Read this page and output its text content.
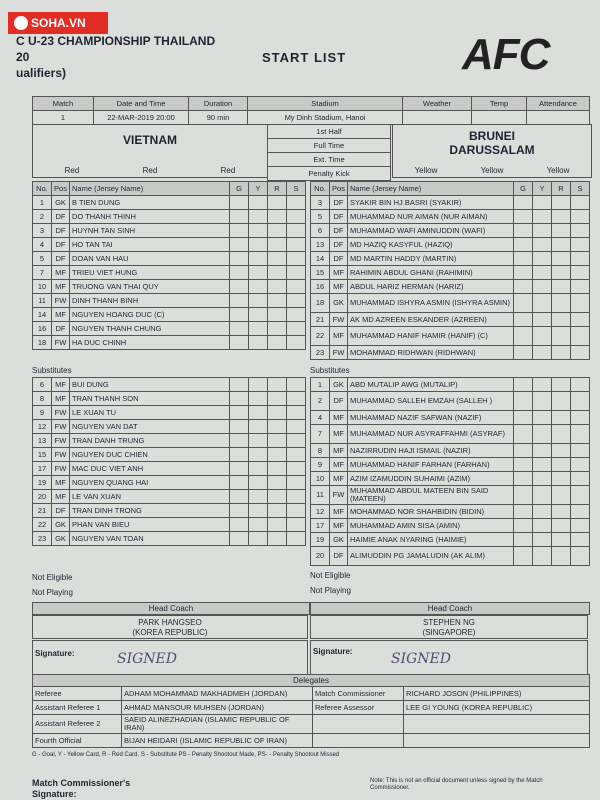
SOHA.VN
C U-23 CHAMPIONSHIP THAILAND
20
ualifiers)
START LIST	AFC
Match	Date and Time	Duration	Stadium	Weather	Temp	Attendance
1	22-MAR-2019 20:00	90 min	My Dinh Stadium, Hanoi			
VIETNAM
Red	Red	Red
1st Half
Full Time
Ext. Time
Penalty Kick
BRUNEI
DARUSSALAM
Yellow	Yellow	Yellow
No.	Pos	Name (Jersey Name)	G	Y	R	S
1	GK	B TIEN DUNG				
2	DF	DO THANH THINH				
3	DF	HUYNH TAN SINH				
4	DF	HO TAN TAI				
5	DF	DOAN VAN HAU				
7	MF	TRIEU VIET HUNG				
10	MF	TRUONG VAN THAI QUY				
11	FW	DINH THANH BINH				
14	MF	NGUYEN HOANG DUC (C)				
16	DF	NGUYEN THANH CHUNG				
18	FW	HA DUC CHINH				
No.	Pos	Name (Jersey Name)	G	Y	R	S
3	DF	SYAKIR BIN HJ BASRI (SYAKIR)				
5	DF	MUHAMMAD NUR AIMAN (NUR AIMAN)				
6	DF	MUHAMMAD WAFI AMINUDDIN (WAFI)				
13	DF	MD HAZIQ KASYFUL (HAZIQ)				
14	DF	MD MARTIN HADDY (MARTIN)				
15	MF	RAHIMIN ABDUL GHANI (RAHIMIN)				
16	MF	ABDUL HARIZ HERMAN (HARIZ)				
18	GK	MUHAMMAD ISHYRA ASMIN (ISHYRA ASMIN)				
21	FW	AK MD AZREEN ESKANDER (AZREEN)				
22	MF	MUHAMMAD HANIF HAMIR (HANIF) (C)				
23	FW	MOHAMMAD RIDHWAN (RIDHWAN)				
Substitutes	Substitutes
6	MF	BUI DUNG				
8	MF	TRAN THANH SON				
9	FW	LE XUAN TU				
12	FW	NGUYEN VAN DAT				
13	FW	TRAN DANH TRUNG				
15	FW	NGUYEN DUC CHIEN				
17	FW	MAC DUC VIET ANH				
19	MF	NGUYEN QUANG HAI				
20	MF	LE VAN XUAN				
21	DF	TRAN DINH TRONG				
22	GK	PHAN VAN BIEU				
23	GK	NGUYEN VAN TOAN				
1	GK	ABD MUTALIP AWG (MUTALIP)				
2	DF	MUHAMMAD SALLEH EMZAH (SALLEH )				
4	MF	MUHAMMAD NAZIF SAFWAN (NAZIF)				
7	MF	MUHAMMAD NUR ASYRAFFAHMI (ASYRAF)				
8	MF	NAZIRRUDIN HAJI ISMAIL (NAZIR)				
9	MF	MUHAMMAD HANIF FARHAN (FARHAN)				
10	MF	AZIM IZAMUDDIN SUHAIMI (AZIM)				
11	FW	MUHAMMAD ABDUL MATEEN BIN SAID (MATEEN)				
12	MF	MOHAMMAD NOR SHAHBIDIN (BIDIN)				
17	MF	MUHAMMAD AMIN SISA (AMIN)				
19	GK	HAIMIE ANAK NYARING (HAIMIE)				
20	DF	ALIMUDDIN PG JAMALUDIN (AK ALIM)				
Not Eligible
Not Playing
Not Eligible
Not Playing
Head Coach	Head Coach
PARK HANGSEO
(KOREA REPUBLIC)
STEPHEN NG
(SINGAPORE)
Signature:	SIGNED	Signature:	SIGNED
Delegates
Referee	ADHAM MOHAMMAD MAKHADMEH (JORDAN)	Match Commissioner	RICHARD JOSON (PHILIPPINES)
Assistant Referee 1	AHMAD MANSOUR MUHSEN (JORDAN)	Referee Assessor	LEE GI YOUNG (KOREA REPUBLIC)
Assistant Referee 2	SAEID ALINEZHADIAN (ISLAMIC REPUBLIC OF IRAN)		
Fourth Official	BIJAN HEIDARI (ISLAMIC REPUBLIC OF IRAN)		
G - Goal, Y - Yellow Card, R - Red Card, S - Substitute PS - Penalty Shootout Made, PS- - Penalty Shootout Missed
Match Commissioner's
Signature:
Note: This is not an official document unless signed by the Match Commissioner.
